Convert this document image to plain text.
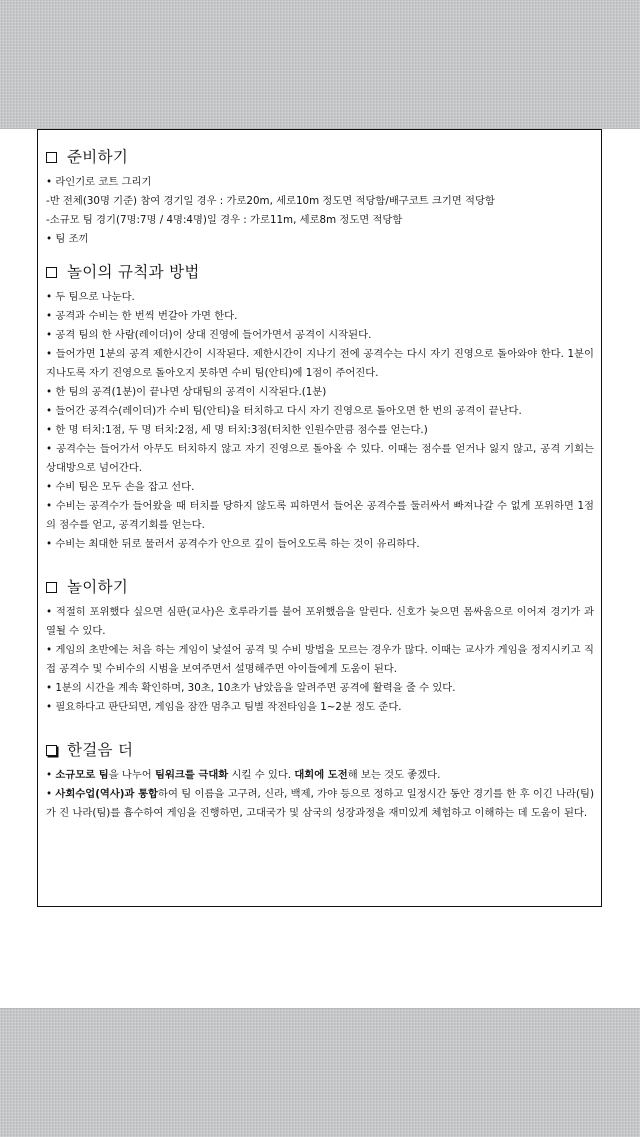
준비하기
• 라인기로 코트 그리기
-반 전체(30명 기준) 참여 경기일 경우 : 가로20m, 세로10m 정도면 적당함/배구코트 크기면 적당함
-소규모 팀 경기(7명:7명 / 4명:4명)일 경우 : 가로11m, 세로8m 정도면 적당함
• 팀 조끼
놀이의 규칙과 방법
• 두 팀으로 나눈다.
• 공격과 수비는 한 번씩 번갈아 가면 한다.
• 공격 팀의 한 사람(레이더)이 상대 진영에 들어가면서 공격이 시작된다.
• 들어가면 1분의 공격 제한시간이 시작된다. 제한시간이 지나기 전에 공격수는 다시 자기 진영으로 돌아와야 한다. 1분이 지나도록 자기 진영으로 돌아오지 못하면 수비 팀(안티)에 1점이 주어진다.
• 한 팀의 공격(1분)이 끝나면 상대팀의 공격이 시작된다.(1분)
• 들어간 공격수(레이더)가 수비 팀(안티)을 터치하고 다시 자기 진영으로 돌아오면 한 번의 공격이 끝난다.
• 한 명 터치:1점, 두 명 터치:2점, 세 명 터치:3점(터치한 인원수만큼 점수를 얻는다.)
• 공격수는 들어가서 아무도 터치하지 않고 자기 진영으로 돌아올 수 있다. 이때는 점수를 얻거나 잃지 않고, 공격 기회는 상대방으로 넘어간다.
• 수비 팀은 모두 손을 잡고 선다.
• 수비는 공격수가 들어왔을 때 터치를 당하지 않도록 피하면서 들어온 공격수를 둘러싸서 빠져나갈 수 없게 포위하면 1점의 점수를 얻고, 공격기회를 얻는다.
• 수비는 최대한 뒤로 물러서 공격수가 안으로 깊이 들어오도록 하는 것이 유리하다.
놀이하기
• 적절히 포위했다 싶으면 심판(교사)은 호루라기를 불어 포위했음을 알린다. 신호가 늦으면 몸싸움으로 이어져 경기가 과열될 수 있다.
• 게임의 초반에는 처음 하는 게임이 낯설어 공격 및 수비 방법을 모르는 경우가 많다. 이때는 교사가 게임을 정지시키고 직접 공격수 및 수비수의 시범을 보여주면서 설명해주면 아이들에게 도움이 된다.
• 1분의 시간을 계속 확인하며, 30초, 10초가 남았음을 알려주면 공격에 활력을 줄 수 있다.
• 필요하다고 판단되면, 게임을 잠깐 멈추고 팀별 작전타임을 1~2분 정도 준다.
한걸음 더
• 소규모로 팀을 나누어 팀워크를 극대화 시킬 수 있다. 대회에 도전해 보는 것도 좋겠다.
• 사회수업(역사)과 통합하여 팀 이름을 고구려, 신라, 백제, 가야 등으로 정하고 일정시간 동안 경기를 한 후 이긴 나라(팀)가 진 나라(팀)를 흡수하여 게임을 진행하면, 고대국가 및 삼국의 성장과정을 재미있게 체험하고 이해하는 데 도움이 된다.
